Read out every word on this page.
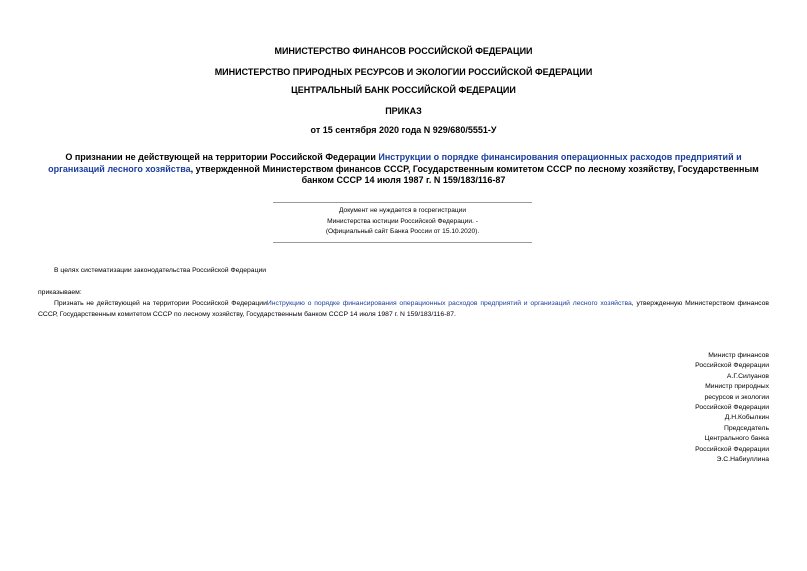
МИНИСТЕРСТВО ФИНАНСОВ РОССИЙСКОЙ ФЕДЕРАЦИИ
МИНИСТЕРСТВО ПРИРОДНЫХ РЕСУРСОВ И ЭКОЛОГИИ РОССИЙСКОЙ ФЕДЕРАЦИИ
ЦЕНТРАЛЬНЫЙ БАНК РОССИЙСКОЙ ФЕДЕРАЦИИ
ПРИКАЗ
от 15 сентября 2020 года N 929/680/5551-У
О признании не действующей на территории Российской Федерации Инструкции о порядке финансирования операционных расходов предприятий и организаций лесного хозяйства, утвержденной Министерством финансов СССР, Государственным комитетом СССР по лесному хозяйству, Государственным банком СССР 14 июля 1987 г. N 159/183/116-87
Документ не нуждается в госрегистрации
Министерства юстиции Российской Федерации. -
(Официальный сайт Банка России от 15.10.2020).
В целях систематизации законодательства Российской Федерации
приказываем:
Признать не действующей на территории Российской ФедерацииИнструкцию о порядке финансирования операционных расходов предприятий и организаций лесного хозяйства, утвержденную Министерством финансов СССР, Государственным комитетом СССР по лесному хозяйству, Государственным банком СССР 14 июля 1987 г. N 159/183/116-87.
Министр финансов
Российской Федерации
А.Г.Силуанов
Министр природных
ресурсов и экологии
Российской Федерации
Д.Н.Кобылкин
Председатель
Центрального банка
Российской Федерации
Э.С.Набиуллина
